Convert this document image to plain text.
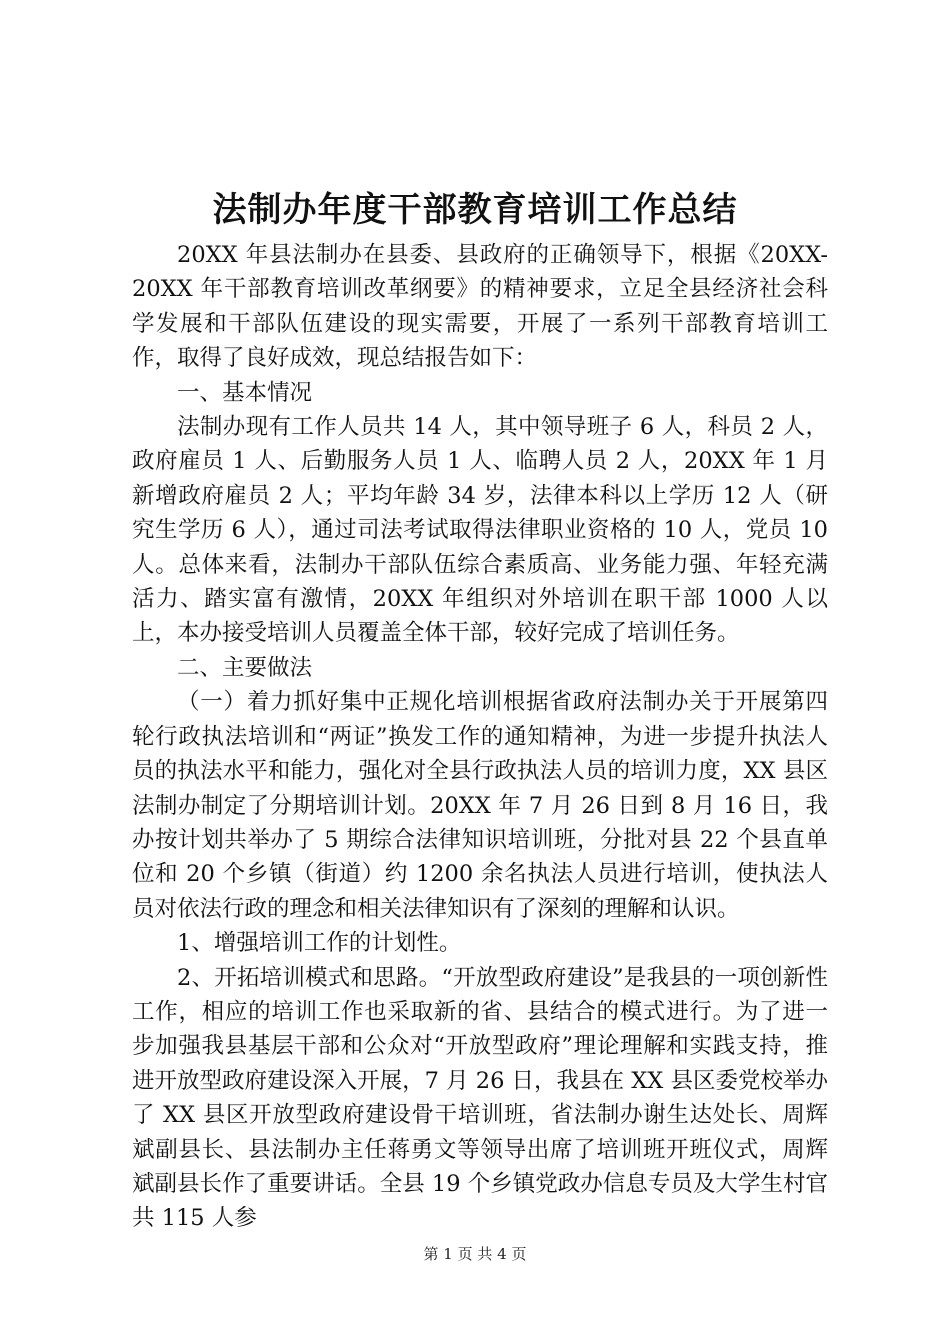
法制办年度干部教育培训工作总结

20XX 年县法制办在县委、县政府的正确领导下，根据《20XX-20XX 年干部教育培训改革纲要》的精神要求，立足全县经济社会科学发展和干部队伍建设的现实需要，开展了一系列干部教育培训工作，取得了良好成效，现总结报告如下：

一、基本情况

法制办现有工作人员共 14 人，其中领导班子 6 人，科员 2 人，政府雇员 1 人、后勤服务人员 1 人、临聘人员 2 人，20XX 年 1 月新增政府雇员 2 人；平均年龄 34 岁，法律本科以上学历 12 人（研究生学历 6 人），通过司法考试取得法律职业资格的 10 人，党员 10 人。总体来看，法制办干部队伍综合素质高、业务能力强、年轻充满活力、踏实富有激情，20XX 年组织对外培训在职干部 1000 人以上，本办接受培训人员覆盖全体干部，较好完成了培训任务。

二、主要做法

（一）着力抓好集中正规化培训根据省政府法制办关于开展第四轮行政执法培训和“两证”换发工作的通知精神，为进一步提升执法人员的执法水平和能力，强化对全县行政执法人员的培训力度，XX 县区法制办制定了分期培训计划。20XX 年 7 月 26 日到 8 月 16 日，我办按计划共举办了 5 期综合法律知识培训班，分批对县 22 个县直单位和 20 个乡镇（街道）约 1200 余名执法人员进行培训，使执法人员对依法行政的理念和相关法律知识有了深刻的理解和认识。

1、增强培训工作的计划性。

2、开拓培训模式和思路。“开放型政府建设”是我县的一项创新性工作，相应的培训工作也采取新的省、县结合的模式进行。为了进一步加强我县基层干部和公众对“开放型政府”理论理解和实践支持，推进开放型政府建设深入开展，7 月 26 日，我县在 XX 县区委党校举办了 XX 县区开放型政府建设骨干培训班，省法制办谢生达处长、周辉斌副县长、县法制办主任蒋勇文等领导出席了培训班开班仪式，周辉斌副县长作了重要讲话。全县 19 个乡镇党政办信息专员及大学生村官共 115 人参

第 1 页 共 4 页
